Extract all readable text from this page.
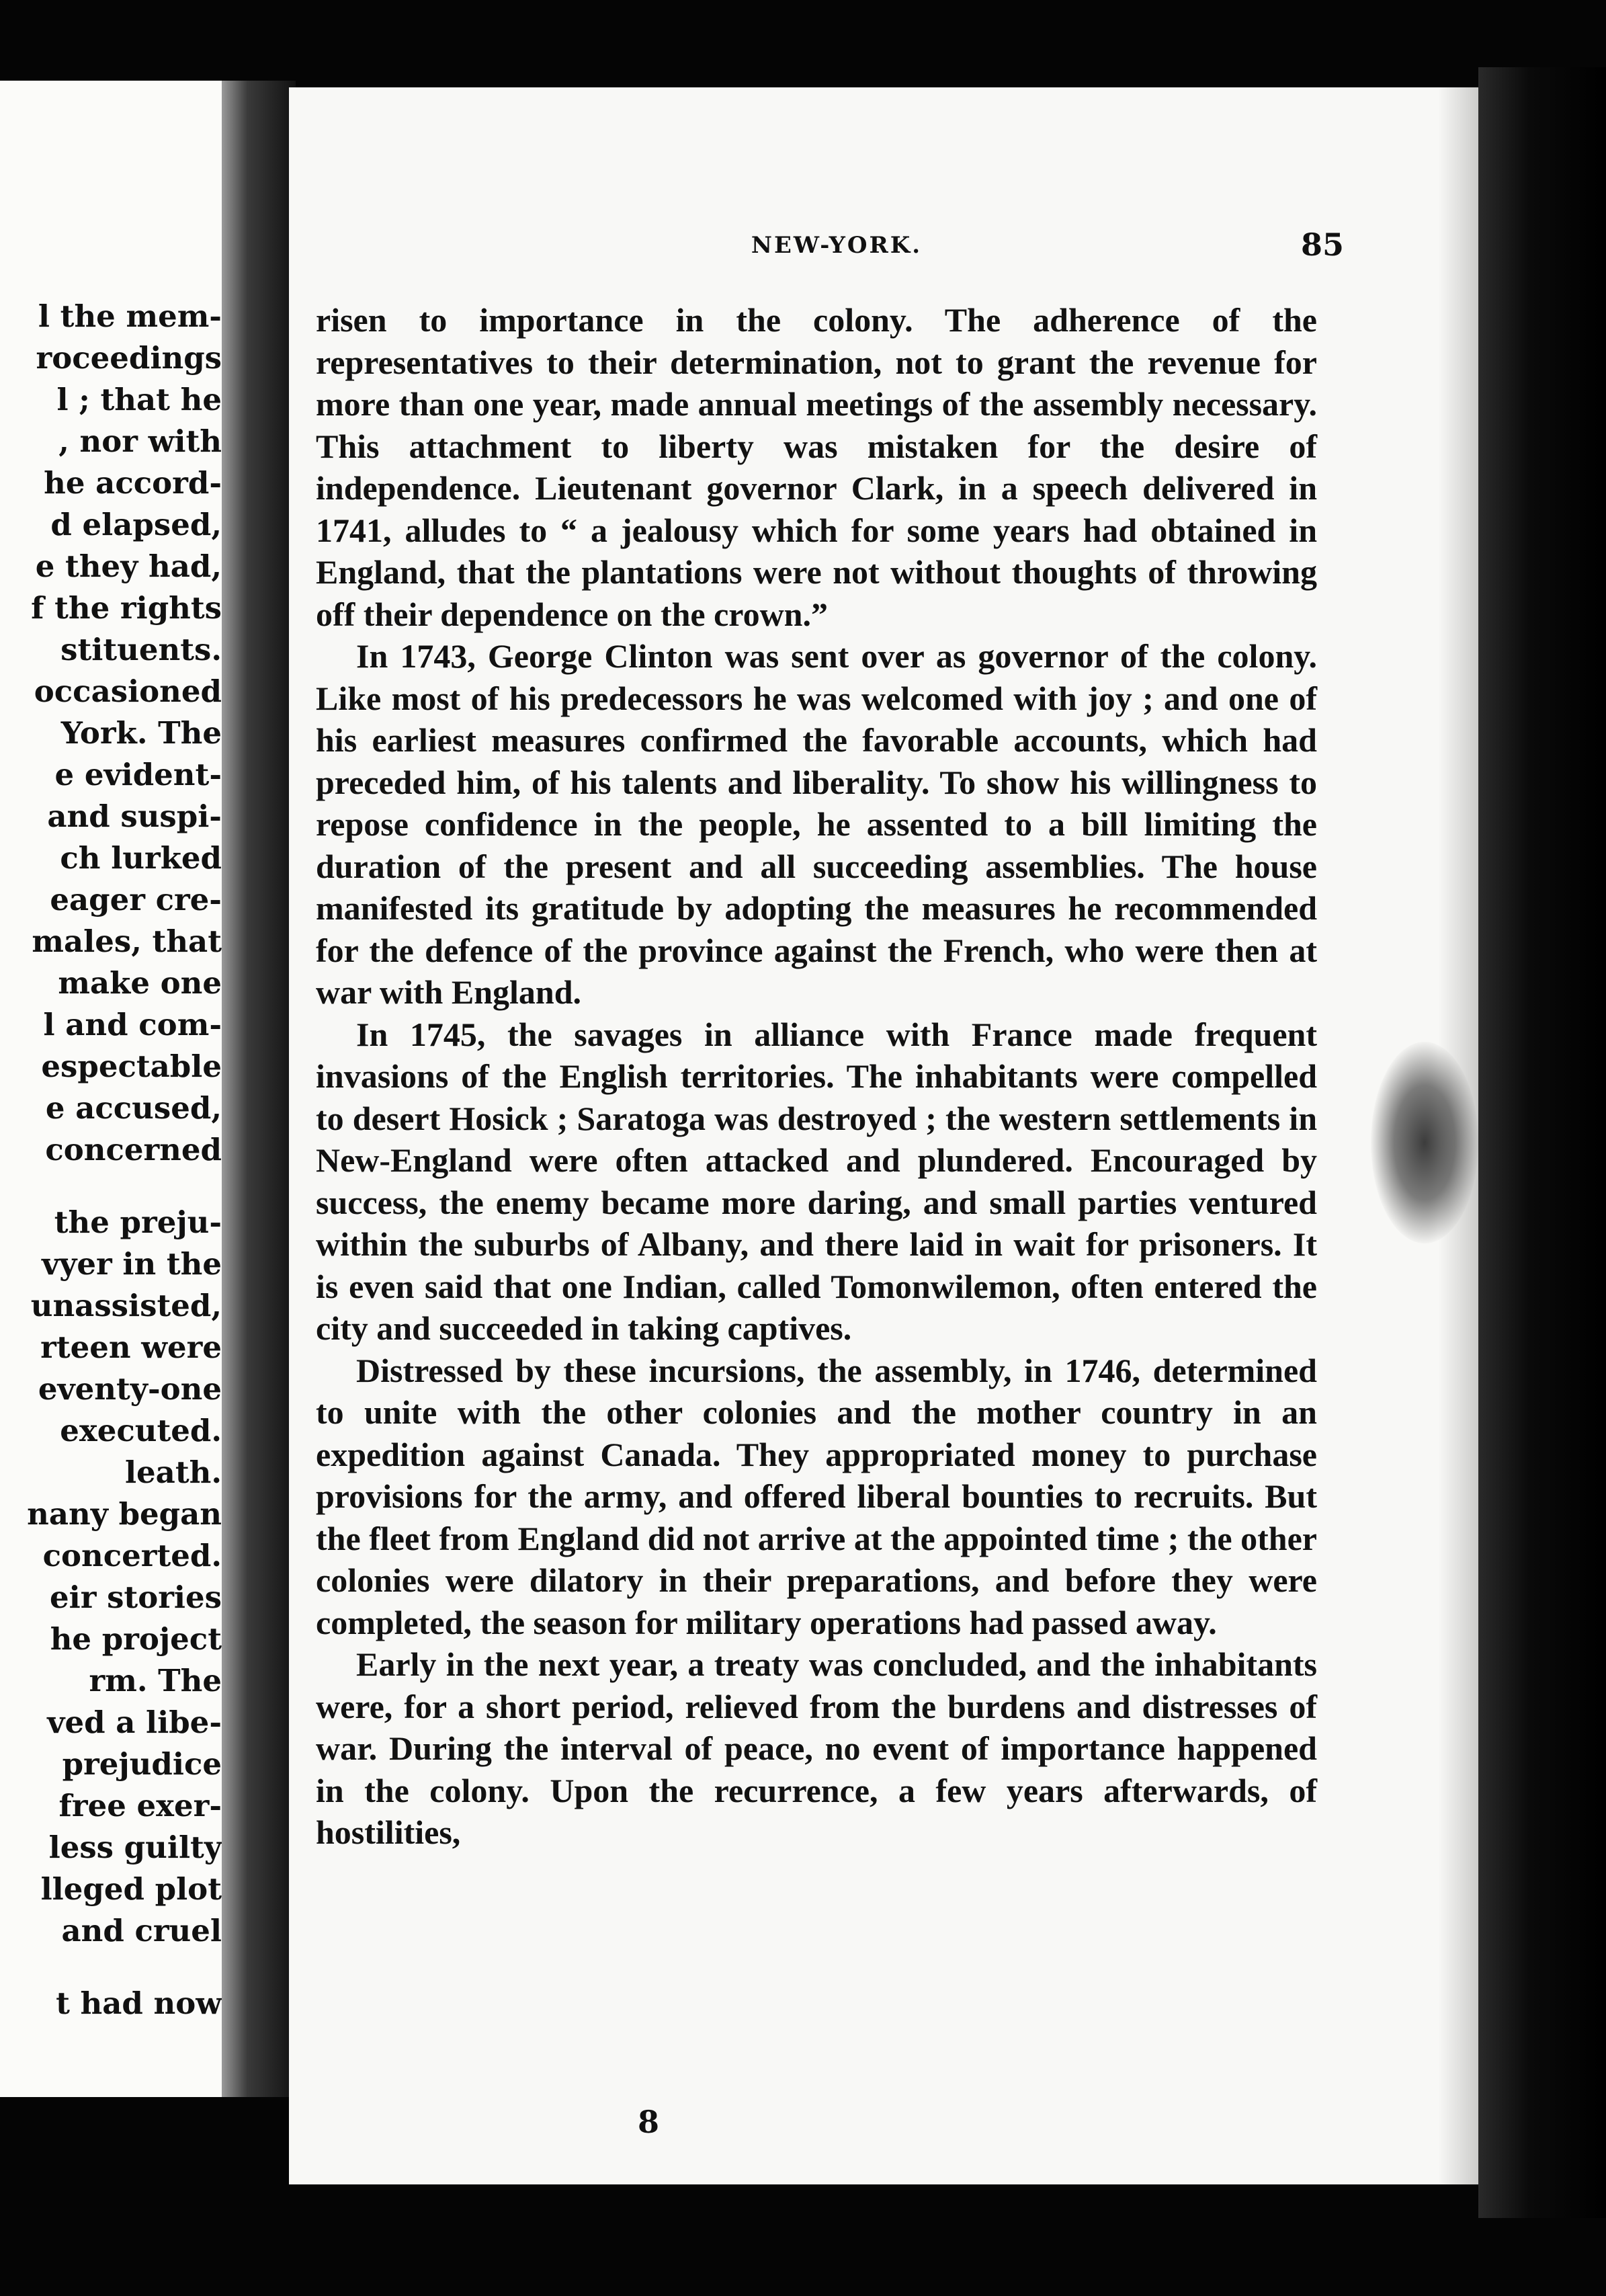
l the mem-
roceedings
l ; that he
, nor with
he accord-
d elapsed,
e they had,
f the rights
stituents.
occasioned
York. The
e evident-
and suspi-
ch lurked
eager cre-
males, that
make one
l and com-
espectable
e accused,
concerned
the preju-
vyer in the
unassisted,
rteen were
eventy-one
executed.
leath.
nany began
concerted.
eir stories
he project
rm. The
ved a libe-
prejudice
free exer-
less guilty
lleged plot
and cruel
t had now
NEW-YORK.	85

risen to importance in the colony. The adherence of the representatives to their determination, not to grant the revenue for more than one year, made annual meetings of the assembly necessary. This attachment to liberty was mistaken for the desire of independence. Lieutenant governor Clark, in a speech delivered in 1741, alludes to “ a jealousy which for some years had obtained in England, that the plantations were not without thoughts of throwing off their dependence on the crown.”

In 1743, George Clinton was sent over as governor of the colony. Like most of his predecessors he was welcomed with joy ; and one of his earliest measures confirmed the favorable accounts, which had preceded him, of his talents and liberality. To show his willingness to repose confidence in the people, he assented to a bill limiting the duration of the present and all succeeding assemblies. The house manifested its gratitude by adopting the measures he recommended for the defence of the province against the French, who were then at war with England.

In 1745, the savages in alliance with France made frequent invasions of the English territories. The inhabitants were compelled to desert Hosick ; Saratoga was destroyed ; the western settlements in New-England were often attacked and plundered. Encouraged by success, the enemy became more daring, and small parties ventured within the suburbs of Albany, and there laid in wait for prisoners. It is even said that one Indian, called Tomonwilemon, often entered the city and succeeded in taking captives.

Distressed by these incursions, the assembly, in 1746, determined to unite with the other colonies and the mother country in an expedition against Canada. They appropriated money to purchase provisions for the army, and offered liberal bounties to recruits. But the fleet from England did not arrive at the appointed time ; the other colonies were dilatory in their preparations, and before they were completed, the season for military operations had passed away.

Early in the next year, a treaty was concluded, and the inhabitants were, for a short period, relieved from the burdens and distresses of war. During the interval of peace, no event of importance happened in the colony. Upon the recurrence, a few years afterwards, of hostilities,

8
